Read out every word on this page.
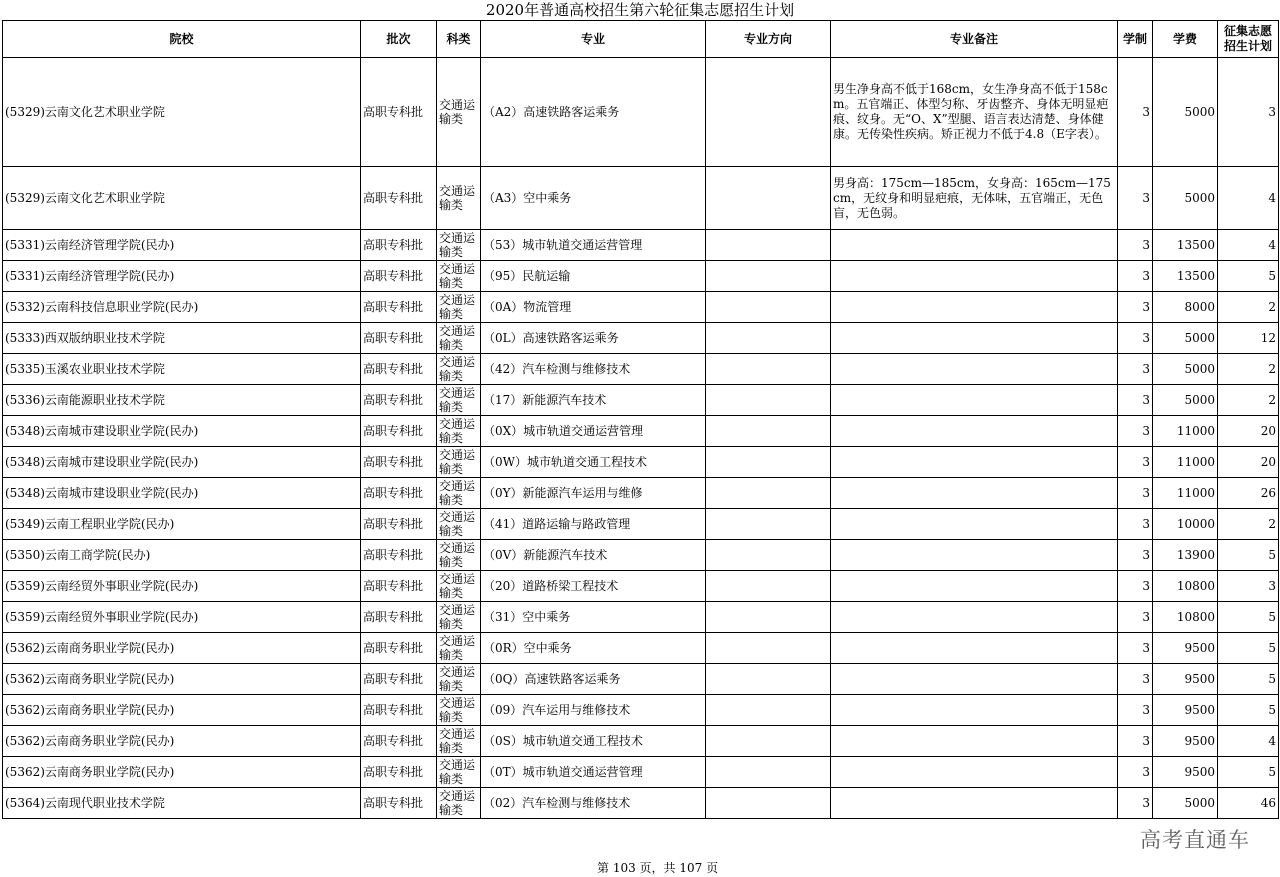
2020年普通高校招生第六轮征集志愿招生计划
院校	批次	科类	专业	专业方向	专业备注	学制	学费	征集志愿招生计划
(5329)云南文化艺术职业学院	高职专科批	交通运输类	（A2）高速铁路客运乘务		男生净身高不低于168cm，女生净身高不低于158cm。五官端正、体型匀称、牙齿整齐、身体无明显疤痕、纹身。无“O、X”型腿、语言表达清楚、身体健康。无传染性疾病。矫正视力不低于4.8（E字表）。	3	5000	3
(5329)云南文化艺术职业学院	高职专科批	交通运输类	（A3）空中乘务		男身高：175cm—185cm，女身高：165cm—175cm，无纹身和明显疤痕，无体味，五官端正，无色盲，无色弱。	3	5000	4
(5331)云南经济管理学院(民办)	高职专科批	交通运输类	（53）城市轨道交通运营管理			3	13500	4
(5331)云南经济管理学院(民办)	高职专科批	交通运输类	（95）民航运输			3	13500	5
(5332)云南科技信息职业学院(民办)	高职专科批	交通运输类	（0A）物流管理			3	8000	2
(5333)西双版纳职业技术学院	高职专科批	交通运输类	（0L）高速铁路客运乘务			3	5000	12
(5335)玉溪农业职业技术学院	高职专科批	交通运输类	（42）汽车检测与维修技术			3	5000	2
(5336)云南能源职业技术学院	高职专科批	交通运输类	（17）新能源汽车技术			3	5000	2
(5348)云南城市建设职业学院(民办)	高职专科批	交通运输类	（0X）城市轨道交通运营管理			3	11000	20
(5348)云南城市建设职业学院(民办)	高职专科批	交通运输类	（0W）城市轨道交通工程技术			3	11000	20
(5348)云南城市建设职业学院(民办)	高职专科批	交通运输类	（0Y）新能源汽车运用与维修			3	11000	26
(5349)云南工程职业学院(民办)	高职专科批	交通运输类	（41）道路运输与路政管理			3	10000	2
(5350)云南工商学院(民办)	高职专科批	交通运输类	（0V）新能源汽车技术			3	13900	5
(5359)云南经贸外事职业学院(民办)	高职专科批	交通运输类	（20）道路桥梁工程技术			3	10800	3
(5359)云南经贸外事职业学院(民办)	高职专科批	交通运输类	（31）空中乘务			3	10800	5
(5362)云南商务职业学院(民办)	高职专科批	交通运输类	（0R）空中乘务			3	9500	5
(5362)云南商务职业学院(民办)	高职专科批	交通运输类	（0Q）高速铁路客运乘务			3	9500	5
(5362)云南商务职业学院(民办)	高职专科批	交通运输类	（09）汽车运用与维修技术			3	9500	5
(5362)云南商务职业学院(民办)	高职专科批	交通运输类	（0S）城市轨道交通工程技术			3	9500	4
(5362)云南商务职业学院(民办)	高职专科批	交通运输类	（0T）城市轨道交通运营管理			3	9500	5
(5364)云南现代职业技术学院	高职专科批	交通运输类	（02）汽车检测与维修技术			3	5000	46
高考直通车
第 103 页，共 107 页
